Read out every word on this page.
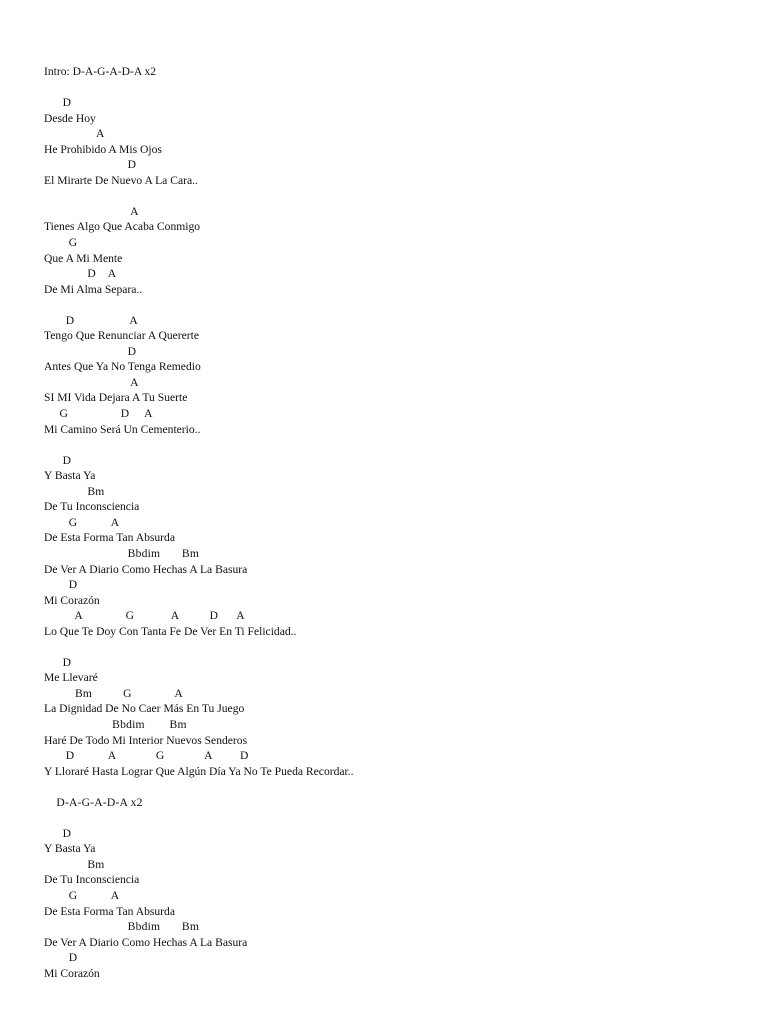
Intro: D-A-G-A-D-A x2
D
Desde Hoy
A
He Prohibido A Mis Ojos
D
El Mirarte De Nuevo A La Cara..
A
Tienes Algo Que Acaba Conmigo
G
Que A Mi Mente
D    A
De Mi Alma Separa..
D                  A
Tengo Que Renunciar A Quererte
D
Antes Que Ya No Tenga Remedio
A
SI MI Vida Dejara A Tu Suerte
G                 D     A
Mi Camino Será Un Cementerio..
D
Y Basta Ya
Bm
De Tu Inconsciencia
G           A
De Esta Forma Tan Absurda
Bbdim       Bm
De Ver A Diario Como Hechas A La Basura
D
Mi Corazón
A              G            A          D      A
Lo Que Te Doy Con Tanta Fe De Ver En Ti Felicidad..
D
Me Llevaré
Bm          G              A
La Dignidad De No Caer Más En Tu Juego
Bbdim        Bm
Haré De Todo Mi Interior Nuevos Senderos
D           A             G             A         D
Y Lloraré Hasta Lograr Que Algún Día Ya No Te Pueda Recordar..
D-A-G-A-D-A x2
D
Y Basta Ya
Bm
De Tu Inconsciencia
G           A
De Esta Forma Tan Absurda
Bbdim       Bm
De Ver A Diario Como Hechas A La Basura
D
Mi Corazón
